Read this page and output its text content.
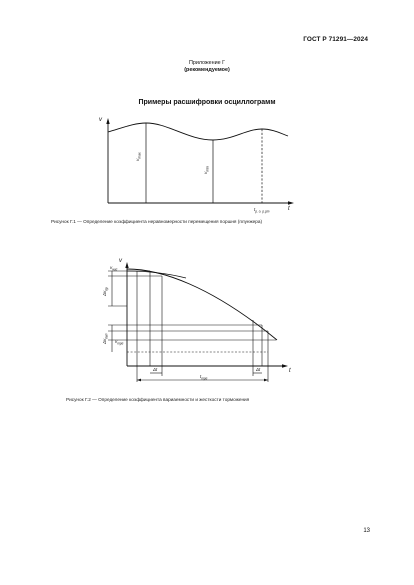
ГОСТ Р 71291—2024
Приложение Г
(рекомендуемое)
Примеры расшифровки осциллограмм
v
t
$v_{max}$
$v_{min}$
$t_{p. o. p.pm}$
Рисунок Г.1 — Определение коэффициента неравномерности перемещения поршня (плунжера)
v
t
Δt	Δt
$t_{тре}$
$v_{нас}$
$\Delta v_{пр}$
$\Delta v_{пвп}$
$v_{тре}$
Рисунок Г.2 — Определение коэффициента вариаемности и жесткости торможения
13
